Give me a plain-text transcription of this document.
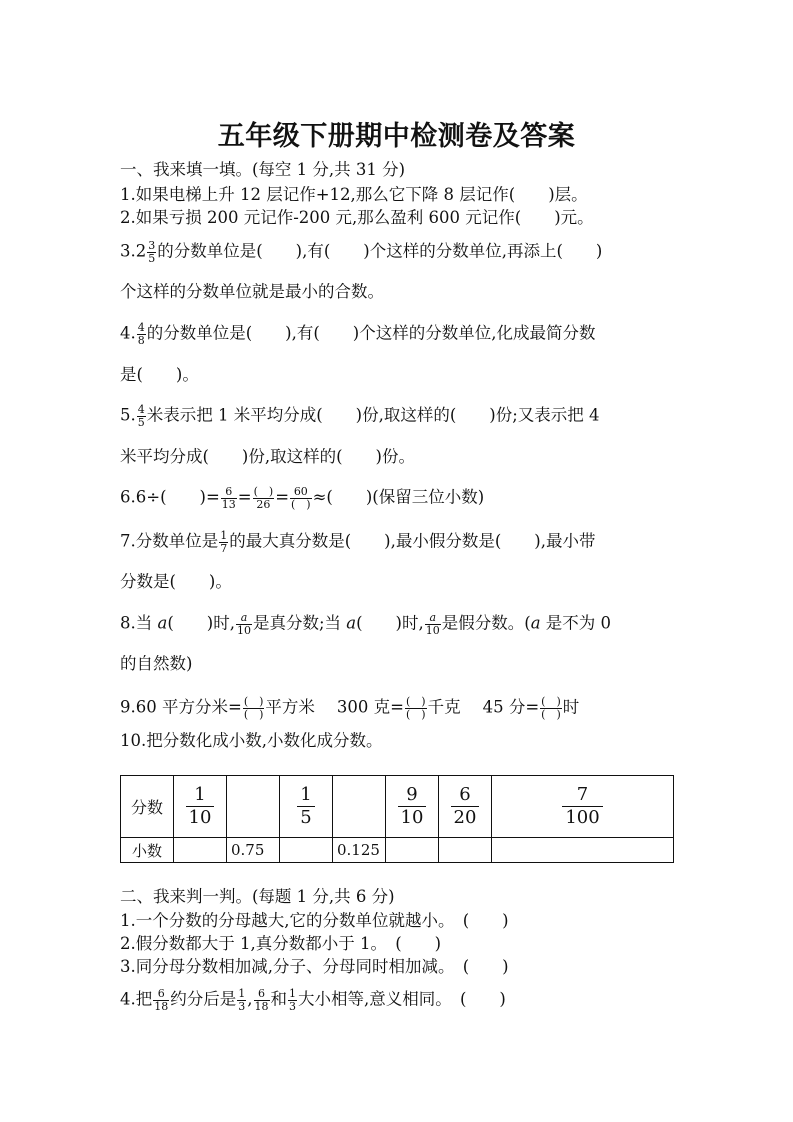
五年级下册期中检测卷及答案
一、我来填一填。(每空 1 分,共 31 分)
1.如果电梯上升 12 层记作+12,那么它下降 8 层记作(　　)层。
2.如果亏损 200 元记作-200 元,那么盈利 600 元记作(　　)元。
$3.2 \frac{3}{5}$ 的分数单位是(　　),有(　　)个这样的分数单位,再添上(　　)
个这样的分数单位就是最小的合数。
4. $\frac{4}{8}$ 的分数单位是(　　),有(　　)个这样的分数单位,化成最简分数
是(　　)。
5. $\frac{4}{5}$ 米表示把 1 米平均分成(　　)份,取这样的(　　)份;又表示把 4
米平均分成(　　)份,取这样的(　　)份。
6.6÷(　　)= $\frac{6}{13} = \frac{( )}{26} = \frac{60}{( )}$ ≈(　　)(保留三位小数)
7.分数单位是 $\frac{1}{7}$ 的最大真分数是(　　),最小假分数是(　　),最小带
分数是(　　)。
8.当 a(　　)时, $\frac{a}{10}$ 是真分数;当 a(　　)时, $\frac{a}{10}$ 是假分数。(a 是不为 0
的自然数)
9.60 平方分米= $\frac{( )}{( )}$ 平方米 300 克= $\frac{( )}{( )}$ 千克 45 分= $\frac{( )}{( )}$ 时
10.把分数化成小数,小数化成分数。
分数	$\frac{1}{10}$		$\frac{1}{5}$		$\frac{9}{10}$	$\frac{6}{20}$	$\frac{7}{100}$

小数		0.75		0.125			
二、我来判一判。(每题 1 分,共 6 分)
1.一个分数的分母越大,它的分数单位就越小。　(　　)
2.假分数都大于 1,真分数都小于 1。　(　　)
3.同分母分数相加减,分子、分母同时相加减。　(　　)
4.把 $\frac{6}{18}$ 约分后是 $\frac{1}{3}$ , $\frac{6}{18}$ 和 $\frac{1}{3}$ 大小相等,意义相同。　(　　)
